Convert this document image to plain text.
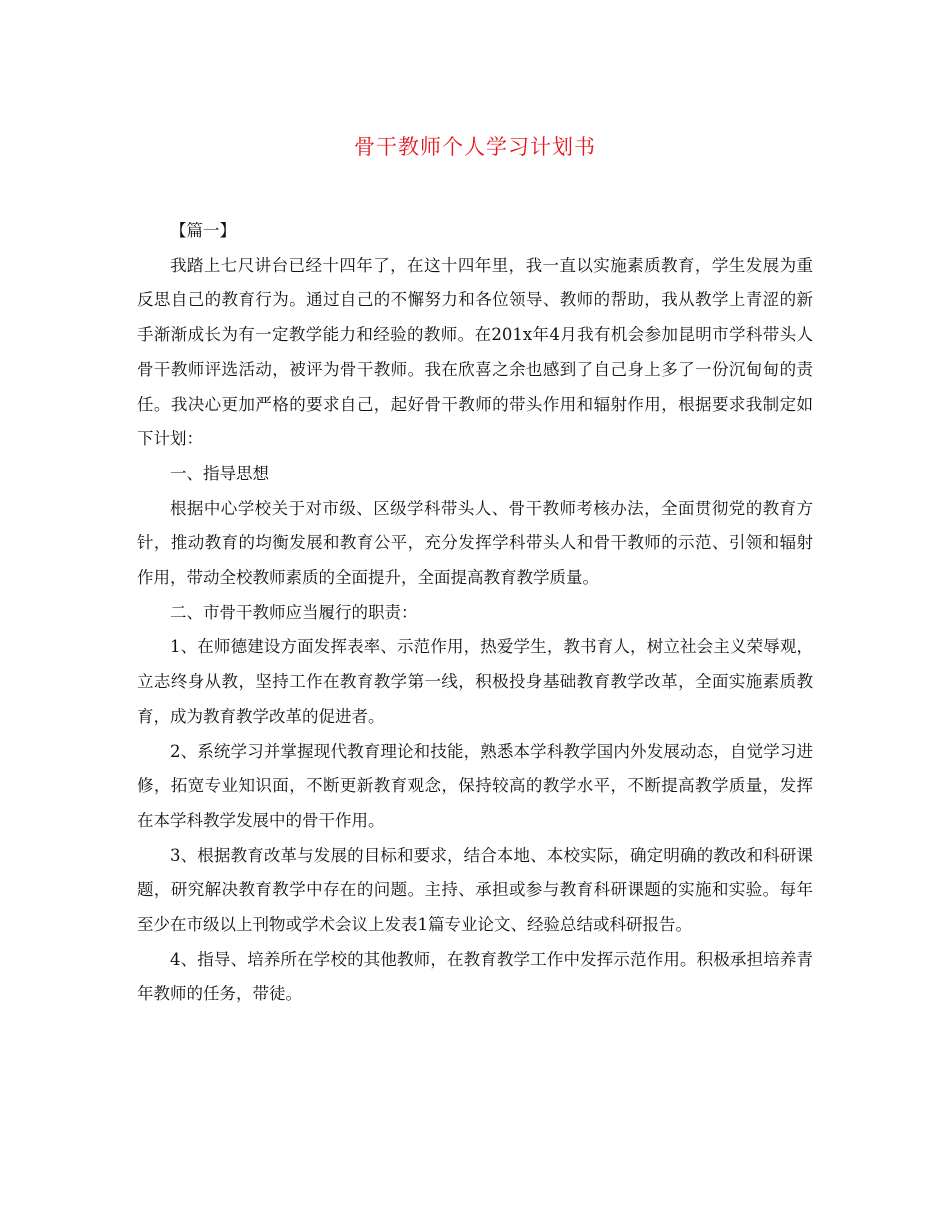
骨干教师个人学习计划书

【篇一】

我踏上七尺讲台已经十四年了，在这十四年里，我一直以实施素质教育，学生发展为重反思自己的教育行为。通过自己的不懈努力和各位领导、教师的帮助，我从教学上青涩的新手渐渐成长为有一定教学能力和经验的教师。在201x年4月我有机会参加昆明市学科带头人骨干教师评选活动，被评为骨干教师。我在欣喜之余也感到了自己身上多了一份沉甸甸的责任。我决心更加严格的要求自己，起好骨干教师的带头作用和辐射作用，根据要求我制定如下计划：

一、指导思想

根据中心学校关于对市级、区级学科带头人、骨干教师考核办法，全面贯彻党的教育方针，推动教育的均衡发展和教育公平，充分发挥学科带头人和骨干教师的示范、引领和辐射作用，带动全校教师素质的全面提升，全面提高教育教学质量。

二、市骨干教师应当履行的职责：

1、在师德建设方面发挥表率、示范作用，热爱学生，教书育人，树立社会主义荣辱观，立志终身从教，坚持工作在教育教学第一线，积极投身基础教育教学改革，全面实施素质教育，成为教育教学改革的促进者。

2、系统学习并掌握现代教育理论和技能，熟悉本学科教学国内外发展动态，自觉学习进修，拓宽专业知识面，不断更新教育观念，保持较高的教学水平，不断提高教学质量，发挥在本学科教学发展中的骨干作用。

3、根据教育改革与发展的目标和要求，结合本地、本校实际，确定明确的教改和科研课题，研究解决教育教学中存在的问题。主持、承担或参与教育科研课题的实施和实验。每年至少在市级以上刊物或学术会议上发表1篇专业论文、经验总结或科研报告。

4、指导、培养所在学校的其他教师，在教育教学工作中发挥示范作用。积极承担培养青年教师的任务，带徒。
